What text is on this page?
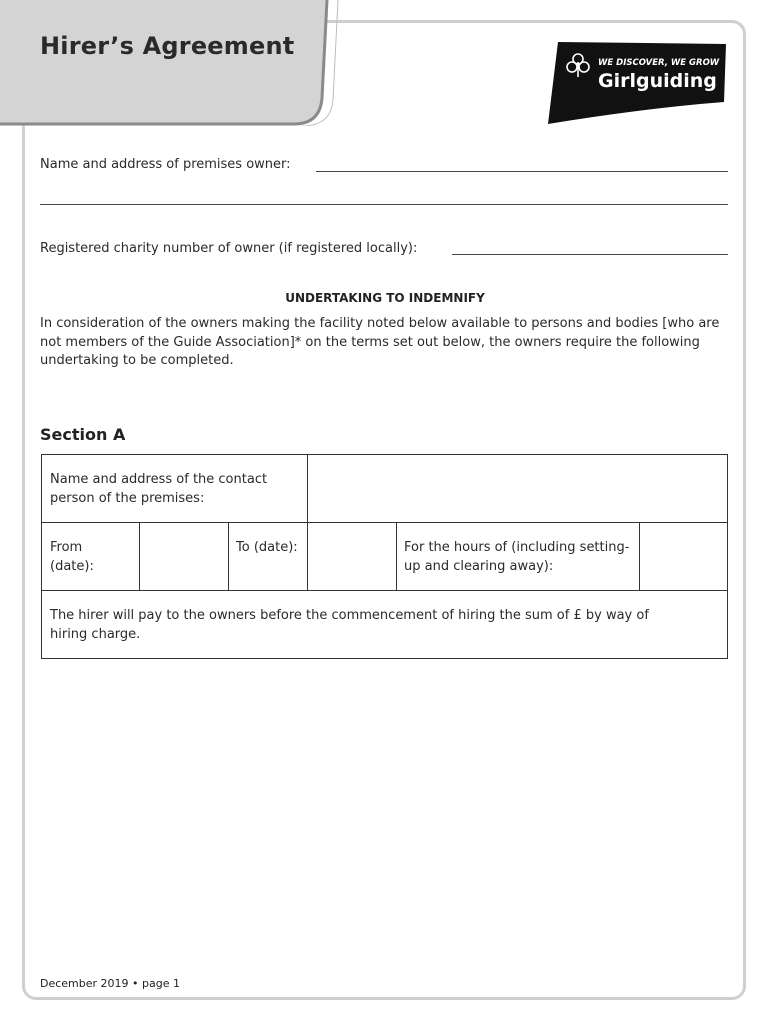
Hirer’s Agreement
WE DISCOVER, WE GROW
Girlguiding
Name and address of premises owner:
Registered charity number of owner (if registered locally):
UNDERTAKING TO INDEMNIFY
In consideration of the owners making the facility noted below available to persons and bodies [who are not members of the Guide Association]* on the terms set out below, the owners require the following undertaking to be completed.
Section A
Name and address of the contact person of the premises:
From (date):
To (date):	For the hours of (including setting-up and clearing away):
The hirer will pay to the owners before the commencement of hiring the sum of £ by way of hiring charge.
December 2019 • page 1
